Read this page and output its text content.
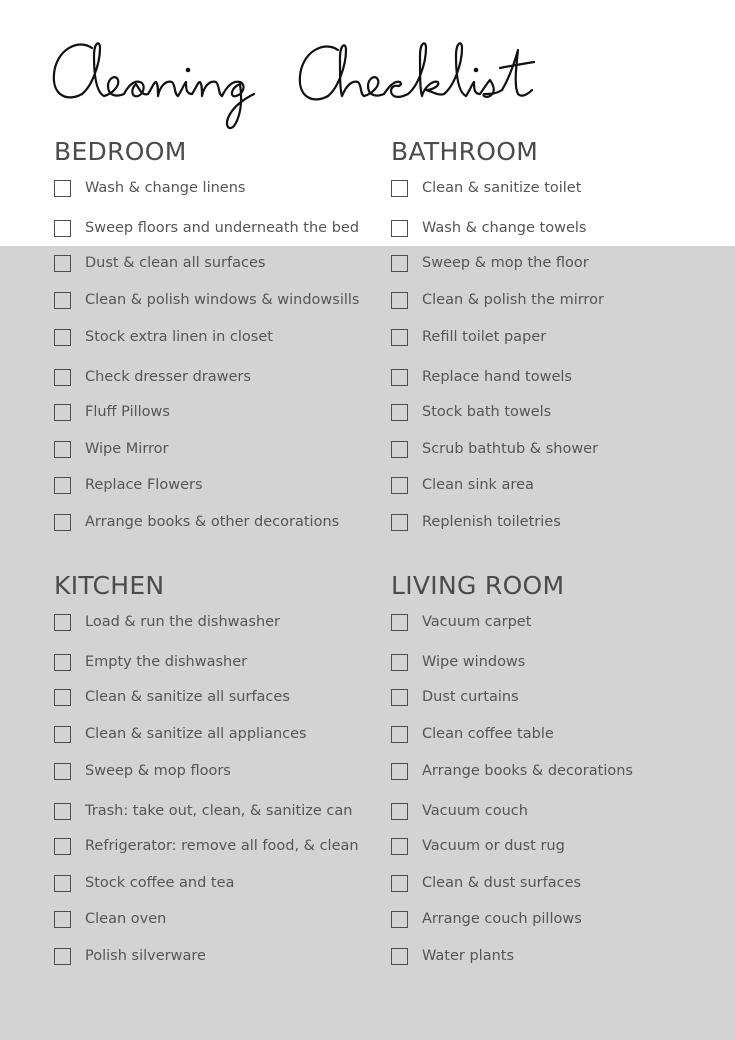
BEDROOM
Wash & change linens
Sweep floors and underneath the bed
Dust & clean all surfaces
Clean & polish windows & windowsills
Stock extra linen in closet
Check dresser drawers
Fluff Pillows
Wipe Mirror
Replace Flowers
Arrange books & other decorations
BATHROOM
Clean & sanitize toilet
Wash & change towels
Sweep & mop the floor
Clean & polish the mirror
Refill toilet paper
Replace hand towels
Stock bath towels
Scrub bathtub & shower
Clean sink area
Replenish toiletries
KITCHEN
Load & run the dishwasher
Empty the dishwasher
Clean & sanitize all surfaces
Clean & sanitize all appliances
Sweep & mop floors
Trash: take out, clean, & sanitize can
Refrigerator: remove all food, & clean
Stock coffee and tea
Clean oven
Polish silverware
LIVING ROOM
Vacuum carpet
Wipe windows
Dust curtains
Clean coffee table
Arrange books & decorations
Vacuum couch
Vacuum or dust rug
Clean & dust surfaces
Arrange couch pillows
Water plants
